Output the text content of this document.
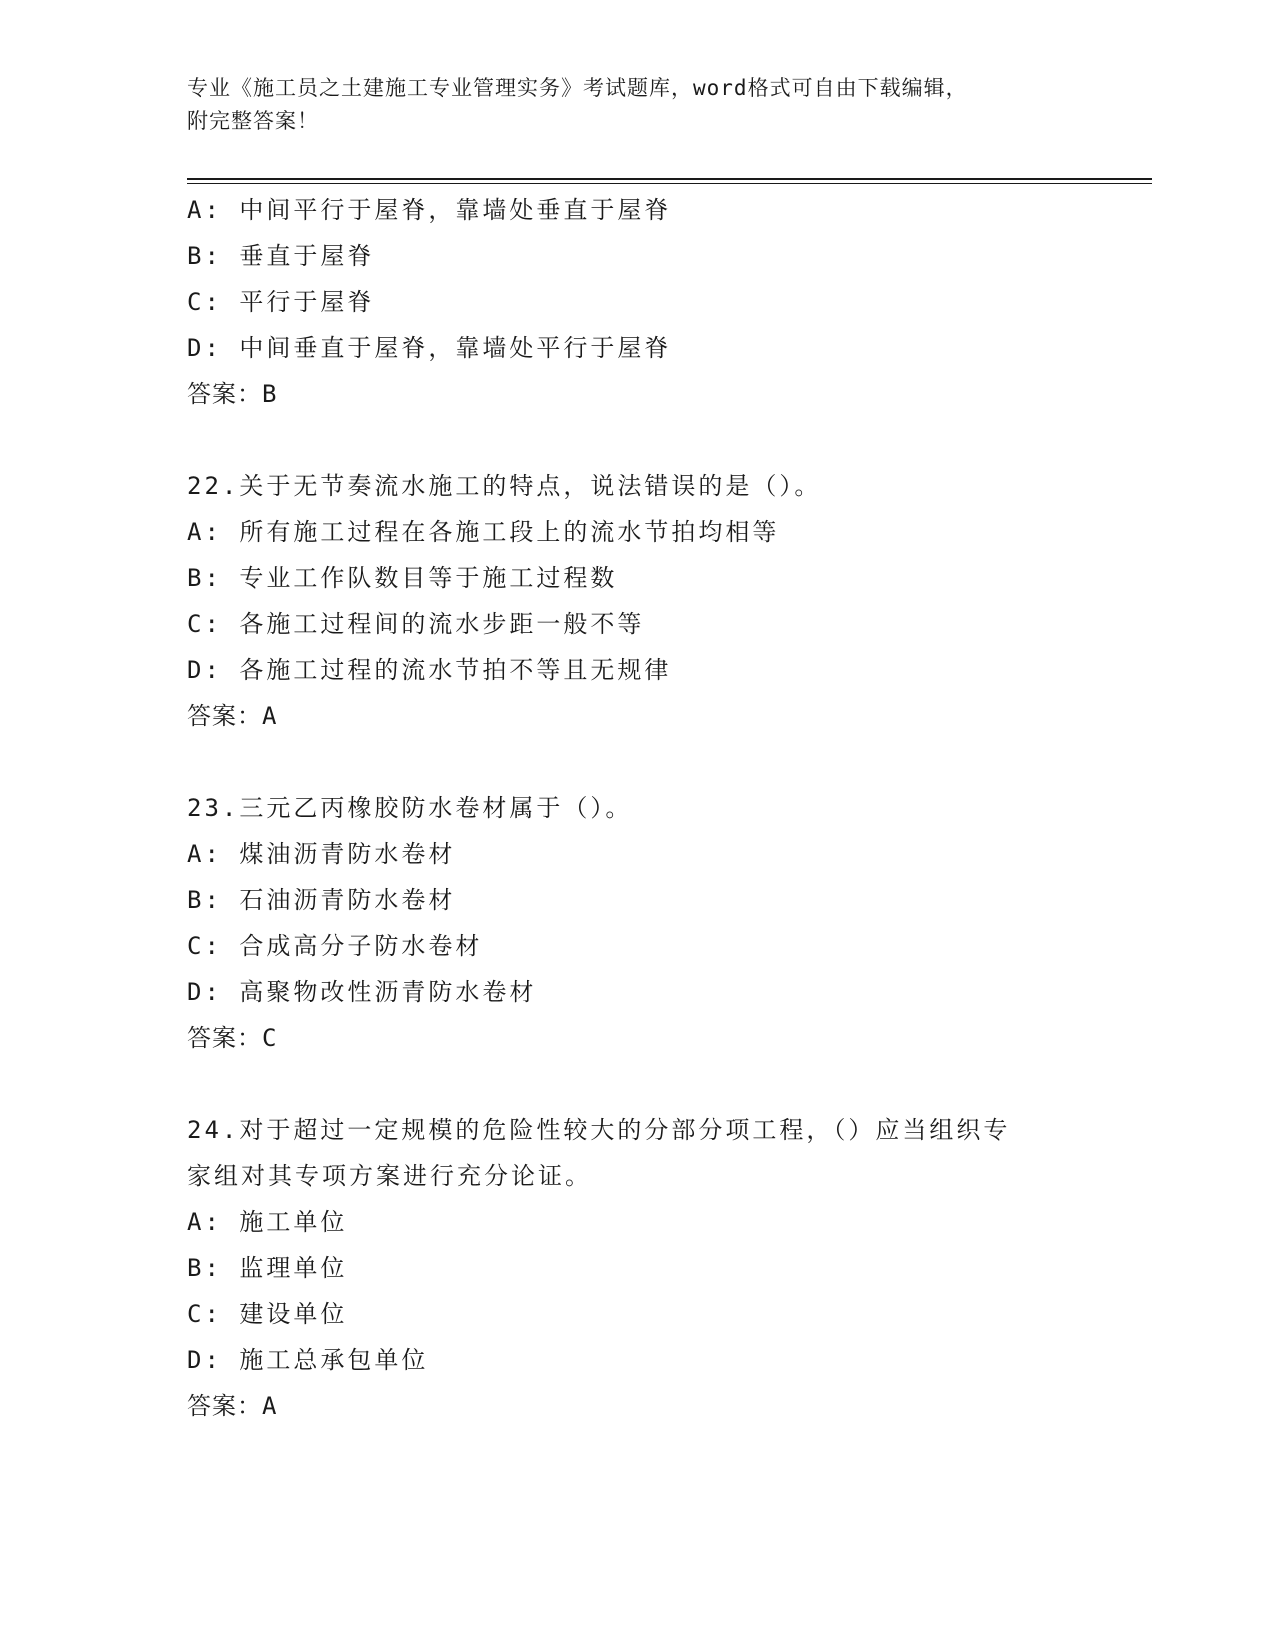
专业《施工员之土建施工专业管理实务》考试题库，word格式可自由下载编辑，
附完整答案！
A: 中间平行于屋脊，靠墙处垂直于屋脊
B: 垂直于屋脊
C: 平行于屋脊
D: 中间垂直于屋脊，靠墙处平行于屋脊
答案：B
22.关于无节奏流水施工的特点，说法错误的是（）。
A: 所有施工过程在各施工段上的流水节拍均相等
B: 专业工作队数目等于施工过程数
C: 各施工过程间的流水步距一般不等
D: 各施工过程的流水节拍不等且无规律
答案：A
23.三元乙丙橡胶防水卷材属于（）。
A: 煤油沥青防水卷材
B: 石油沥青防水卷材
C: 合成高分子防水卷材
D: 高聚物改性沥青防水卷材
答案：C
24.对于超过一定规模的危险性较大的分部分项工程，（）应当组织专
家组对其专项方案进行充分论证。
A: 施工单位
B: 监理单位
C: 建设单位
D: 施工总承包单位
答案：A
